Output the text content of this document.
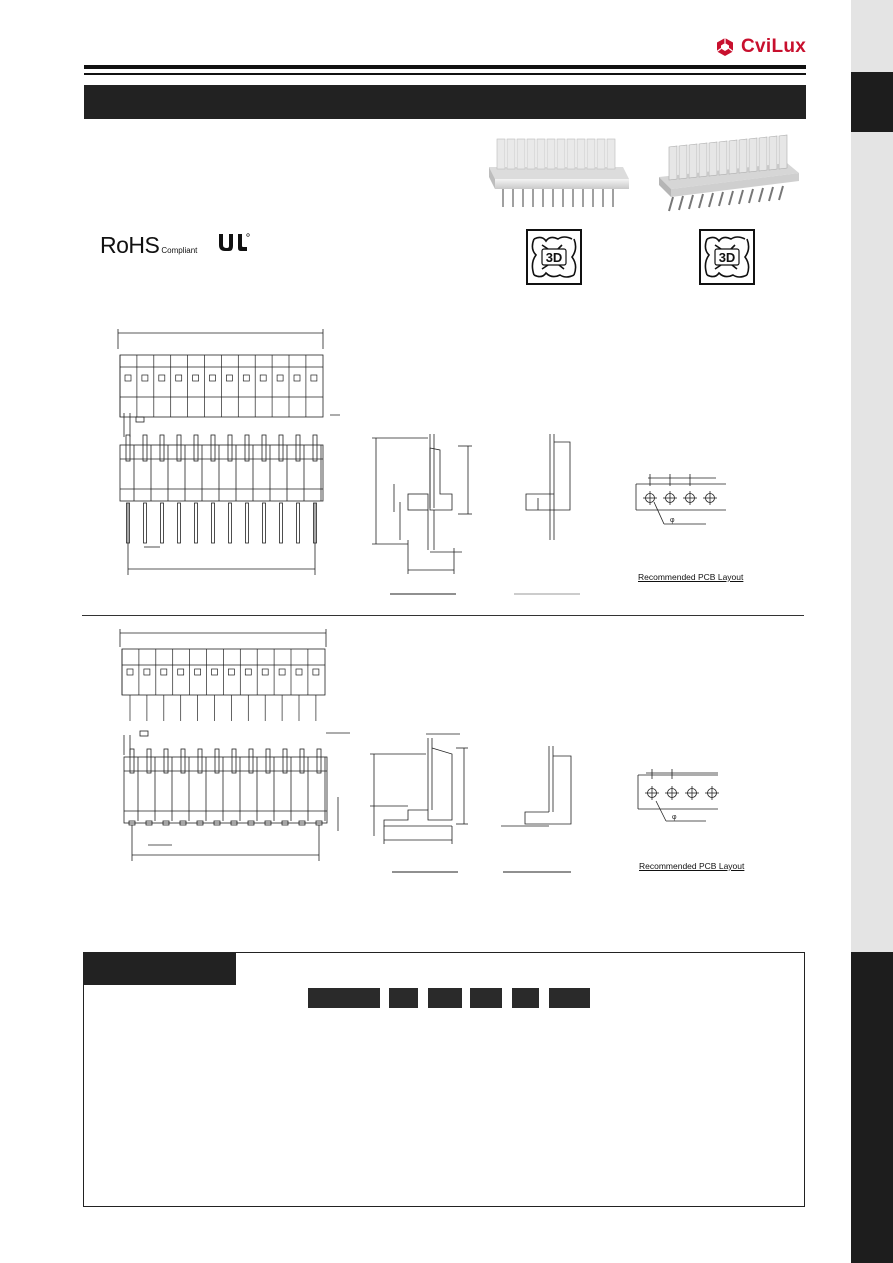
CviLux
RoHS Compliant	3D	3D
φ
Recommended PCB Layout
φ
Recommended PCB Layout
